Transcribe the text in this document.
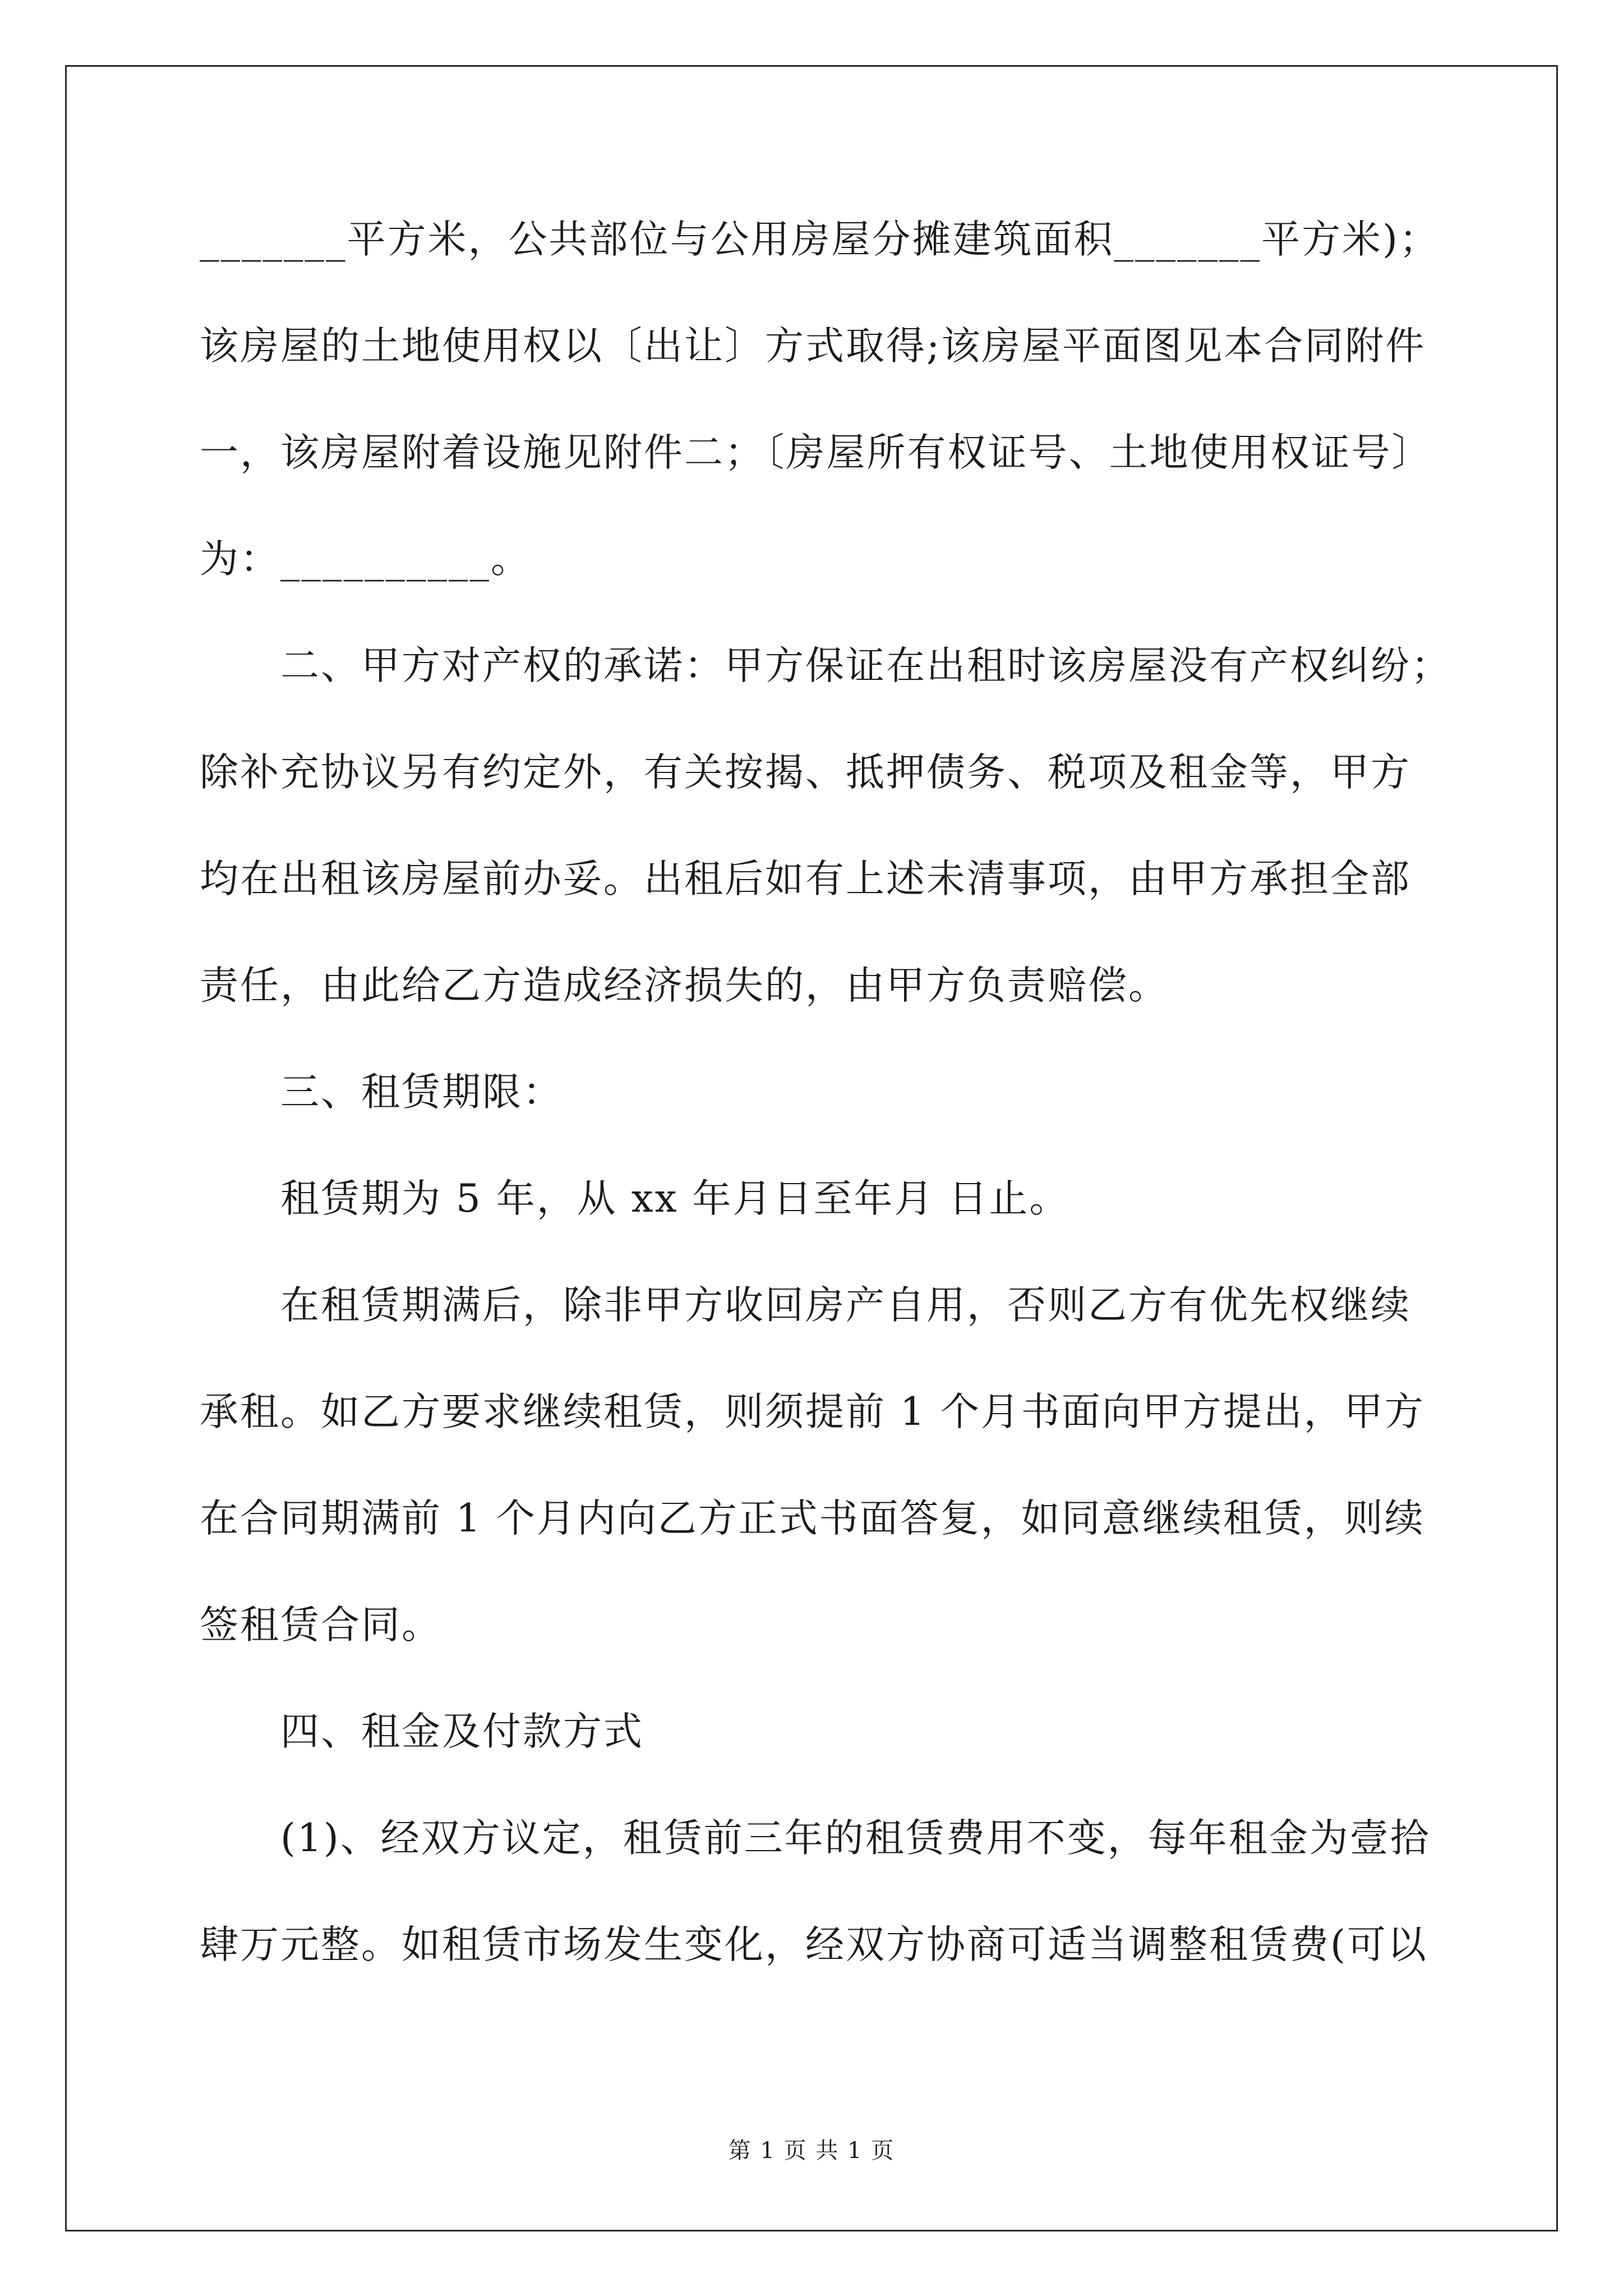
_______平方米，公共部位与公用房屋分摊建筑面积_______平方米)；
该房屋的土地使用权以〔出让〕方式取得;该房屋平面图见本合同附件
一，该房屋附着设施见附件二；〔房屋所有权证号、土地使用权证号〕
为：__________。
二、甲方对产权的承诺：甲方保证在出租时该房屋没有产权纠纷；
除补充协议另有约定外，有关按揭、抵押债务、税项及租金等，甲方
均在出租该房屋前办妥。出租后如有上述未清事项，由甲方承担全部
责任，由此给乙方造成经济损失的，由甲方负责赔偿。
三、租赁期限：
租赁期为 5 年，从 xx 年月日至年月 日止。
在租赁期满后，除非甲方收回房产自用，否则乙方有优先权继续
承租。如乙方要求继续租赁，则须提前 1 个月书面向甲方提出，甲方
在合同期满前 1 个月内向乙方正式书面答复，如同意继续租赁，则续
签租赁合同。
四、租金及付款方式
(1)、经双方议定，租赁前三年的租赁费用不变，每年租金为壹拾
肆万元整。如租赁市场发生变化，经双方协商可适当调整租赁费(可以
第 1 页 共 1 页
